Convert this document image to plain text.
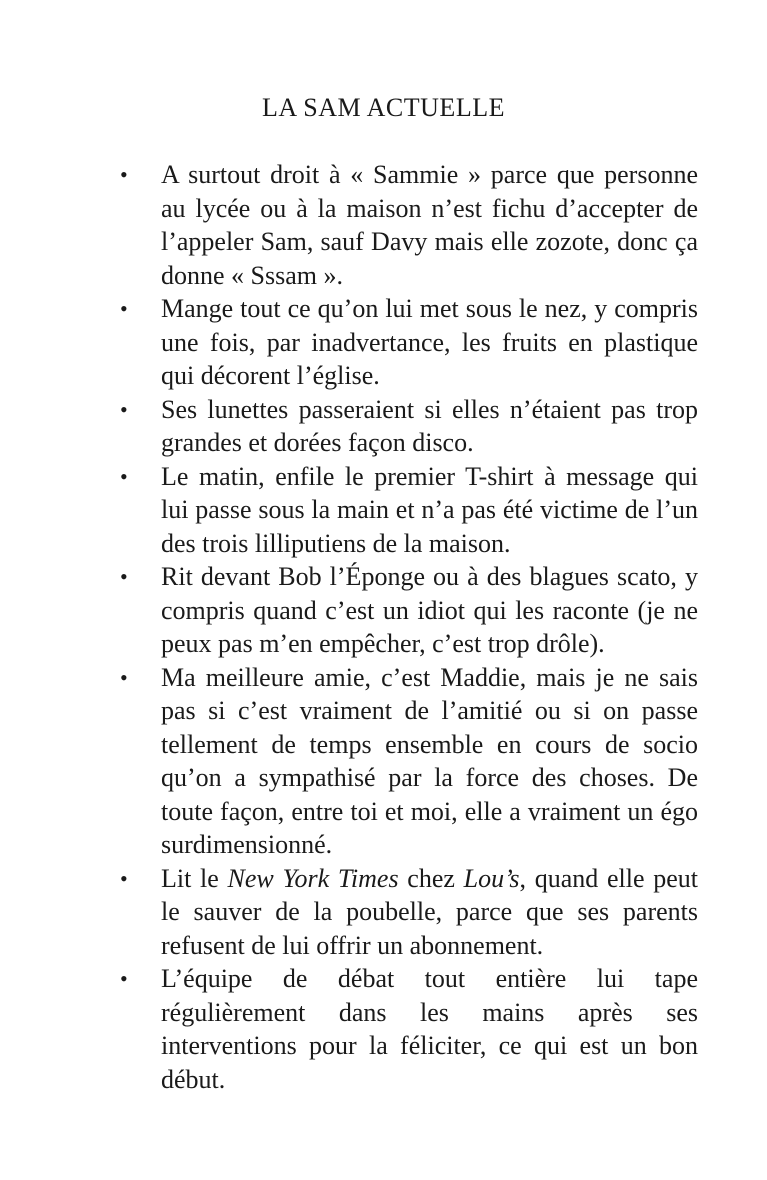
LA SAM ACTUELLE
• A surtout droit à « Sammie » parce que personne au lycée ou à la maison n’est fichu d’accepter de l’appeler Sam, sauf Davy mais elle zozote, donc ça donne « Sssam ».
• Mange tout ce qu’on lui met sous le nez, y compris une fois, par inadvertance, les fruits en plastique qui décorent l’église.
• Ses lunettes passeraient si elles n’étaient pas trop grandes et dorées façon disco.
• Le matin, enfile le premier T-shirt à message qui lui passe sous la main et n’a pas été victime de l’un des trois lilliputiens de la maison.
• Rit devant Bob l’Éponge ou à des blagues scato, y compris quand c’est un idiot qui les raconte (je ne peux pas m’en empêcher, c’est trop drôle).
• Ma meilleure amie, c’est Maddie, mais je ne sais pas si c’est vraiment de l’amitié ou si on passe tellement de temps ensemble en cours de socio qu’on a sympathisé par la force des choses. De toute façon, entre toi et moi, elle a vraiment un égo surdimensionné.
• Lit le New York Times chez Lou’s, quand elle peut le sauver de la poubelle, parce que ses parents refusent de lui offrir un abonnement.
• L’équipe de débat tout entière lui tape régulièrement dans les mains après ses interventions pour la féliciter, ce qui est un bon début.
